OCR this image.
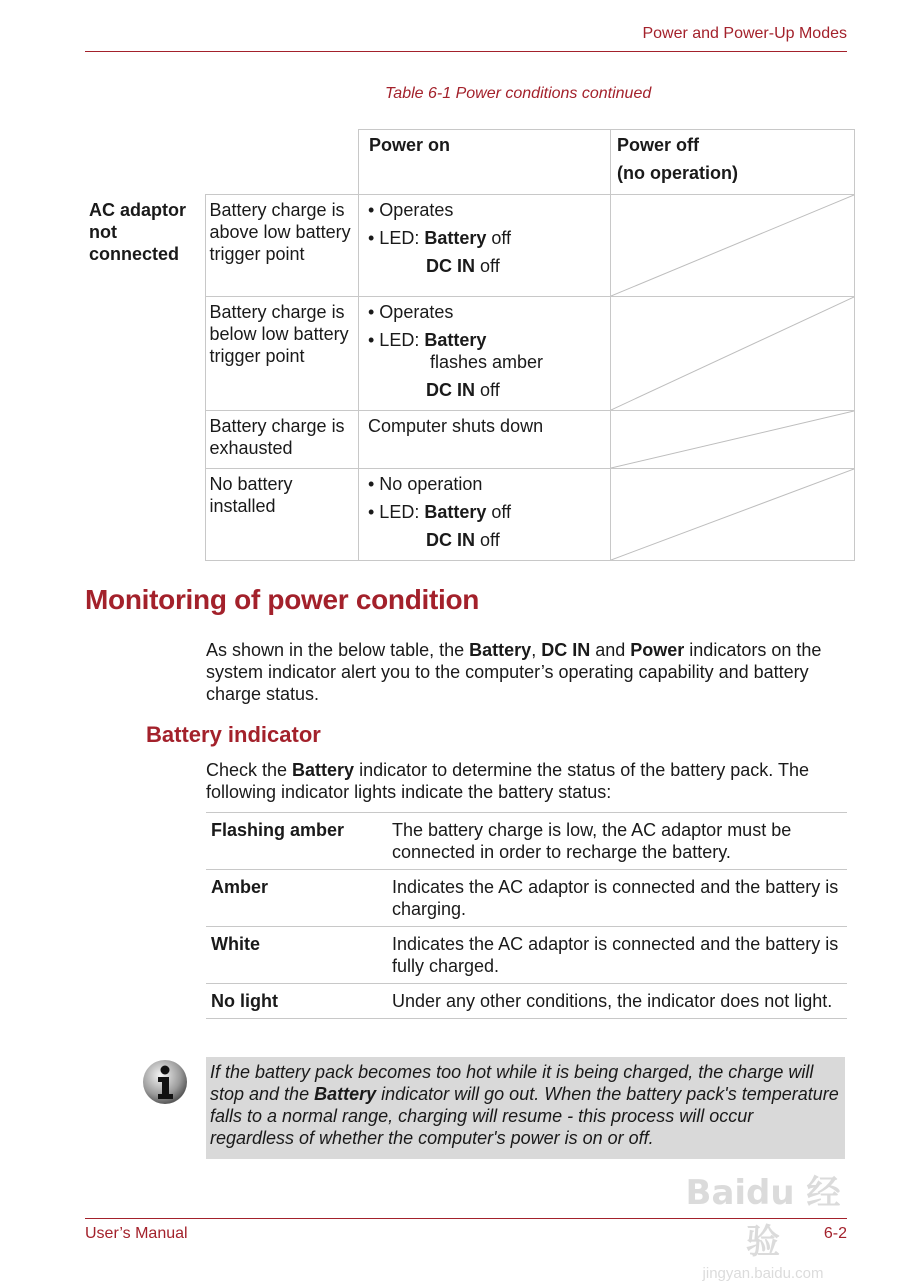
Power and Power-Up Modes
Table 6-1 Power conditions continued
		Power on	Power off
(no operation)

AC adaptor not connected	Battery charge is above low battery trigger point	• Operates
• LED: Battery off
DC IN off

	Battery charge is below low battery trigger point	• Operates
• LED: Battery
flashes amber
DC IN off

	Battery charge is exhausted	Computer shuts down	

	No battery installed	• No operation
• LED: Battery off
DC IN off

Monitoring of power condition
As shown in the below table, the Battery, DC IN and Power indicators on the system indicator alert you to the computer’s operating capability and battery charge status.
Battery indicator
Check the Battery indicator to determine the status of the battery pack. The following indicator lights indicate the battery status:
Flashing amber	The battery charge is low, the AC adaptor must be connected in order to recharge the battery.
Amber	Indicates the AC adaptor is connected and the battery is charging.
White	Indicates the AC adaptor is connected and the battery is fully charged.
No light	Under any other conditions, the indicator does not light.
If the battery pack becomes too hot while it is being charged, the charge will stop and the Battery indicator will go out. When the battery pack's temperature falls to a normal range, charging will resume - this process will occur regardless of whether the computer's power is on or off.
Baidu 经验
jingyan.baidu.com
User’s Manual	6-2
